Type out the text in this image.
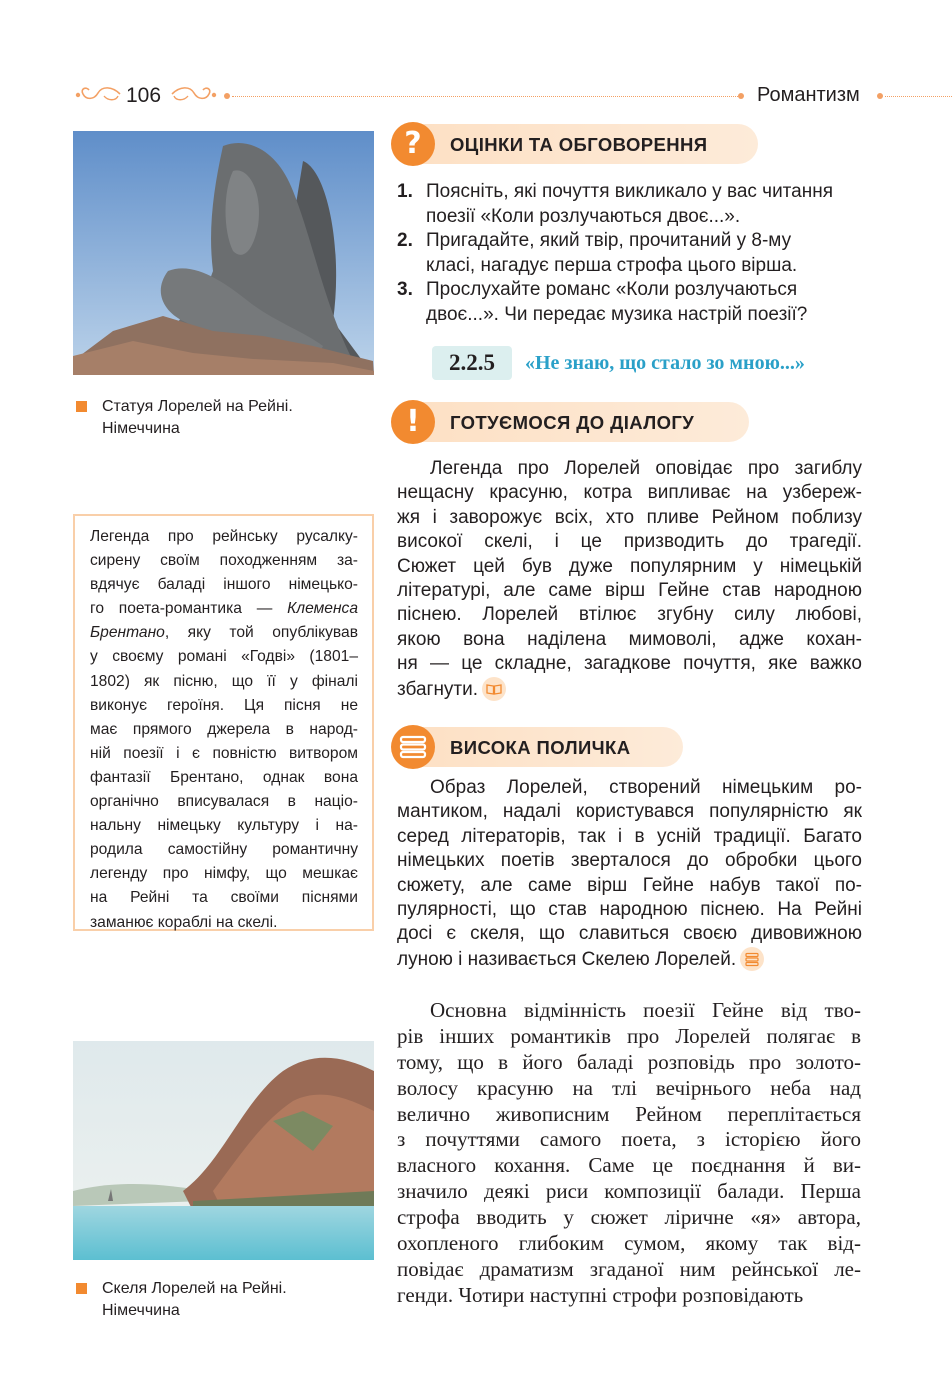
106	Романтизм
Статуя Лорелей на Рейні.
Німеччина
Легенда про рейнську русалку-
сирену своїм походженням за-
вдячує баладі іншого німецько-
го поета-романтика — Клеменса
Брентано, яку той опублікував
у своєму романі «Годві» (1801–
1802) як пісню, що її у фіналі
виконує героїня. Ця пісня не
має прямого джерела в народ-
ній поезії і є повністю витвором
фантазії Брентано, однак вона
органічно вписувалася в націо-
нальну німецьку культуру і на-
родила самостійну романтичну
легенду про німфу, що мешкає
на Рейні та своїми піснями
заманює кораблі на скелі.
Скеля Лорелей на Рейні.
Німеччина
?	ОЦІНКИ ТА ОБГОВОРЕННЯ
1. Поясніть, які почуття викликало у вас читання
поезії «Коли розлучаються двоє...».
2. Пригадайте, який твір, прочитаний у 8-му
класі, нагадує перша строфа цього вірша.
3. Прослухайте романс «Коли розлучаються
двоє...». Чи передає музика настрій поезії?
2.2.5	«Не знаю, що стало зо мною...»
!	ГОТУЄМОСЯ ДО ДІАЛОГУ
Легенда про Лорелей оповідає про загиблу
нещасну красуню, котра випливає на узбереж-
жя і заворожує всіх, хто пливе Рейном поблизу
високої скелі, і це призводить до трагедії.
Сюжет цей був дуже популярним у німецькій
літературі, але саме вірш Гейне став народною
піснею. Лорелей втілює згубну силу любові,
якою вона наділена мимоволі, адже кохан-
ня — це складне, загадкове почуття, яке важко
збагнути.
ВИСОКА ПОЛИЧКА
Образ Лорелей, створений німецьким ро-
мантиком, надалі користувався популярністю як
серед літераторів, так і в усній традиції. Багато
німецьких поетів зверталося до обробки цього
сюжету, але саме вірш Гейне набув такої по-
пулярності, що став народною піснею. На Рейні
досі є скеля, що славиться своєю дивовижною
луною і називається Скелею Лорелей.
Основна відмінність поезії Гейне від тво-
рів інших романтиків про Лорелей полягає в
тому, що в його баладі розповідь про золото-
волосу красуню на тлі вечірнього неба над
велично живописним Рейном переплітається
з почуттями самого поета, з історією його
власного кохання. Саме це поєднання й ви-
значило деякі риси композиції балади. Перша
строфа вводить у сюжет ліричне «я» автора,
охопленого глибоким сумом, якому так від-
повідає драматизм згаданої ним рейнської ле-
генди. Чотири наступні строфи розповідають
